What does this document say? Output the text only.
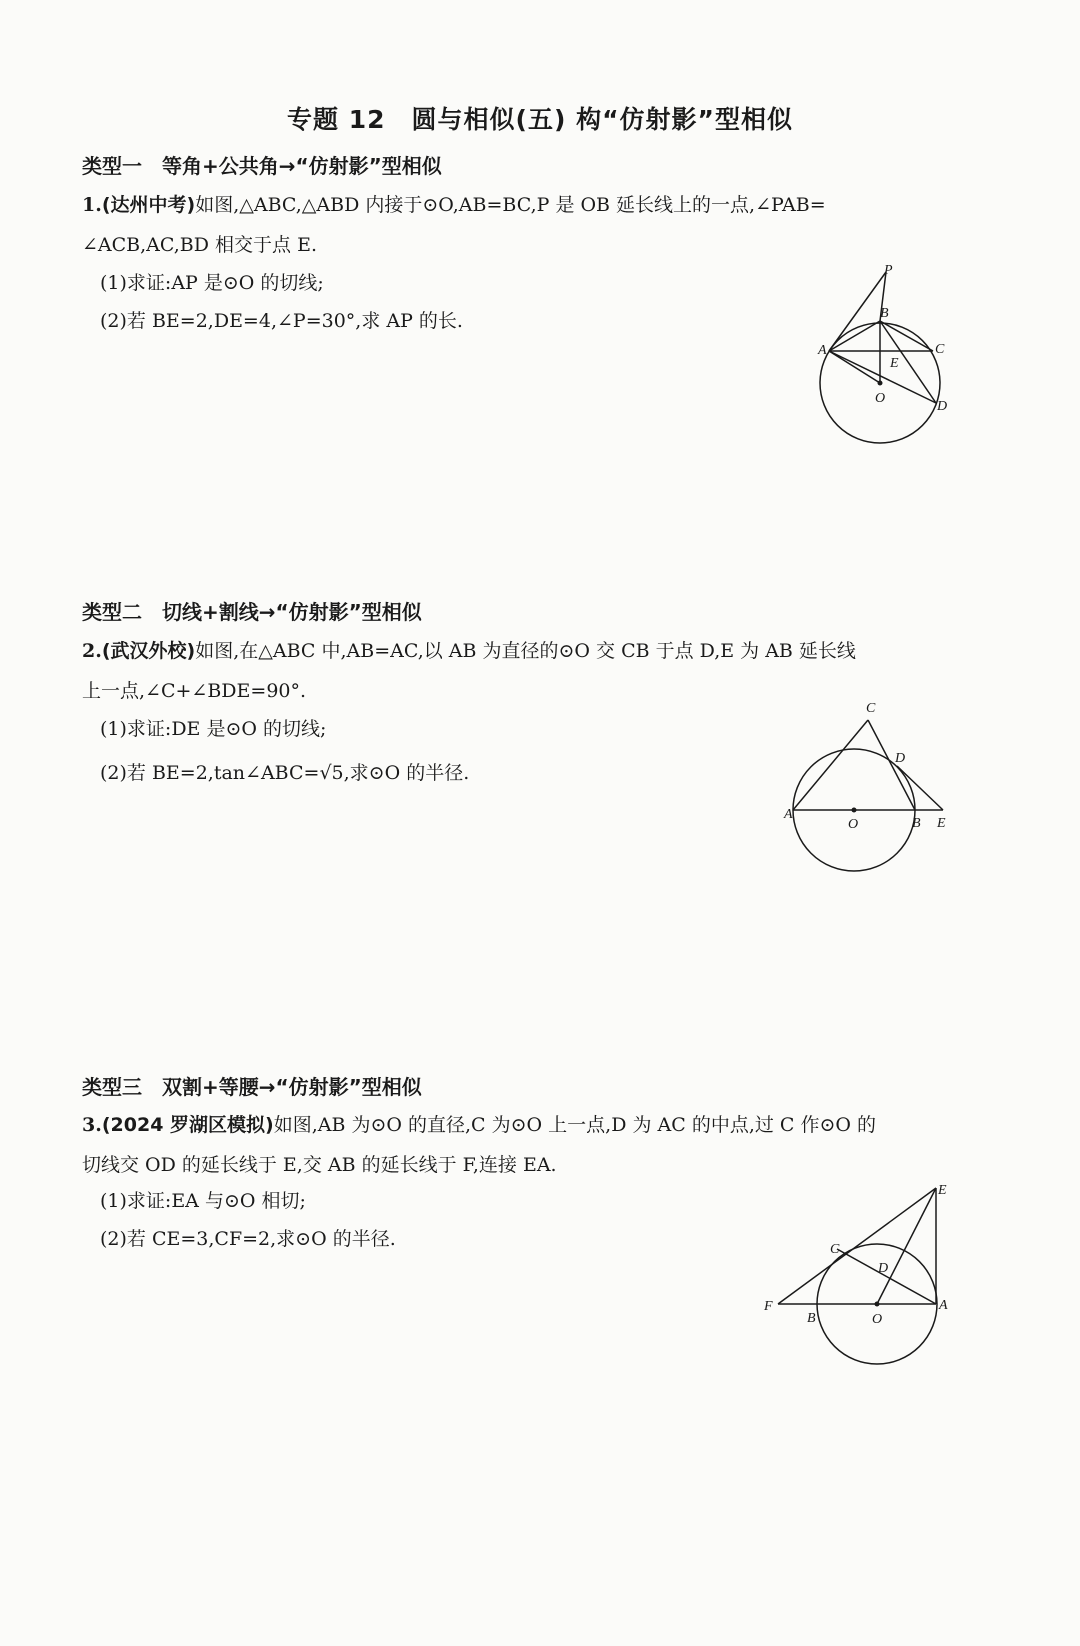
专题 12　圆与相似(五) 构“仿射影”型相似
类型一　等角+公共角→“仿射影”型相似
1.(达州中考)如图,△ABC,△ABD 内接于⊙O,AB=BC,P 是 OB 延长线上的一点,∠PAB=
∠ACB,AC,BD 相交于点 E.
(1)求证:AP 是⊙O 的切线;
(2)若 BE=2,DE=4,∠P=30°,求 AP 的长.
P
B
A	C
E
O
D
类型二　切线+割线→“仿射影”型相似
2.(武汉外校)如图,在△ABC 中,AB=AC,以 AB 为直径的⊙O 交 CB 于点 D,E 为 AB 延长线
上一点,∠C+∠BDE=90°.
(1)求证:DE 是⊙O 的切线;
(2)若 BE=2,tan∠ABC=√5,求⊙O 的半径.
C
D
A
O	B E
类型三　双割+等腰→“仿射影”型相似
3.(2024 罗湖区模拟)如图,AB 为⊙O 的直径,C 为⊙O 上一点,D 为 AC 的中点,过 C 作⊙O 的
切线交 OD 的延长线于 E,交 AB 的延长线于 F,连接 EA.
(1)求证:EA 与⊙O 相切;
(2)若 CE=3,CF=2,求⊙O 的半径.
E
C
D
F
B	O
A
